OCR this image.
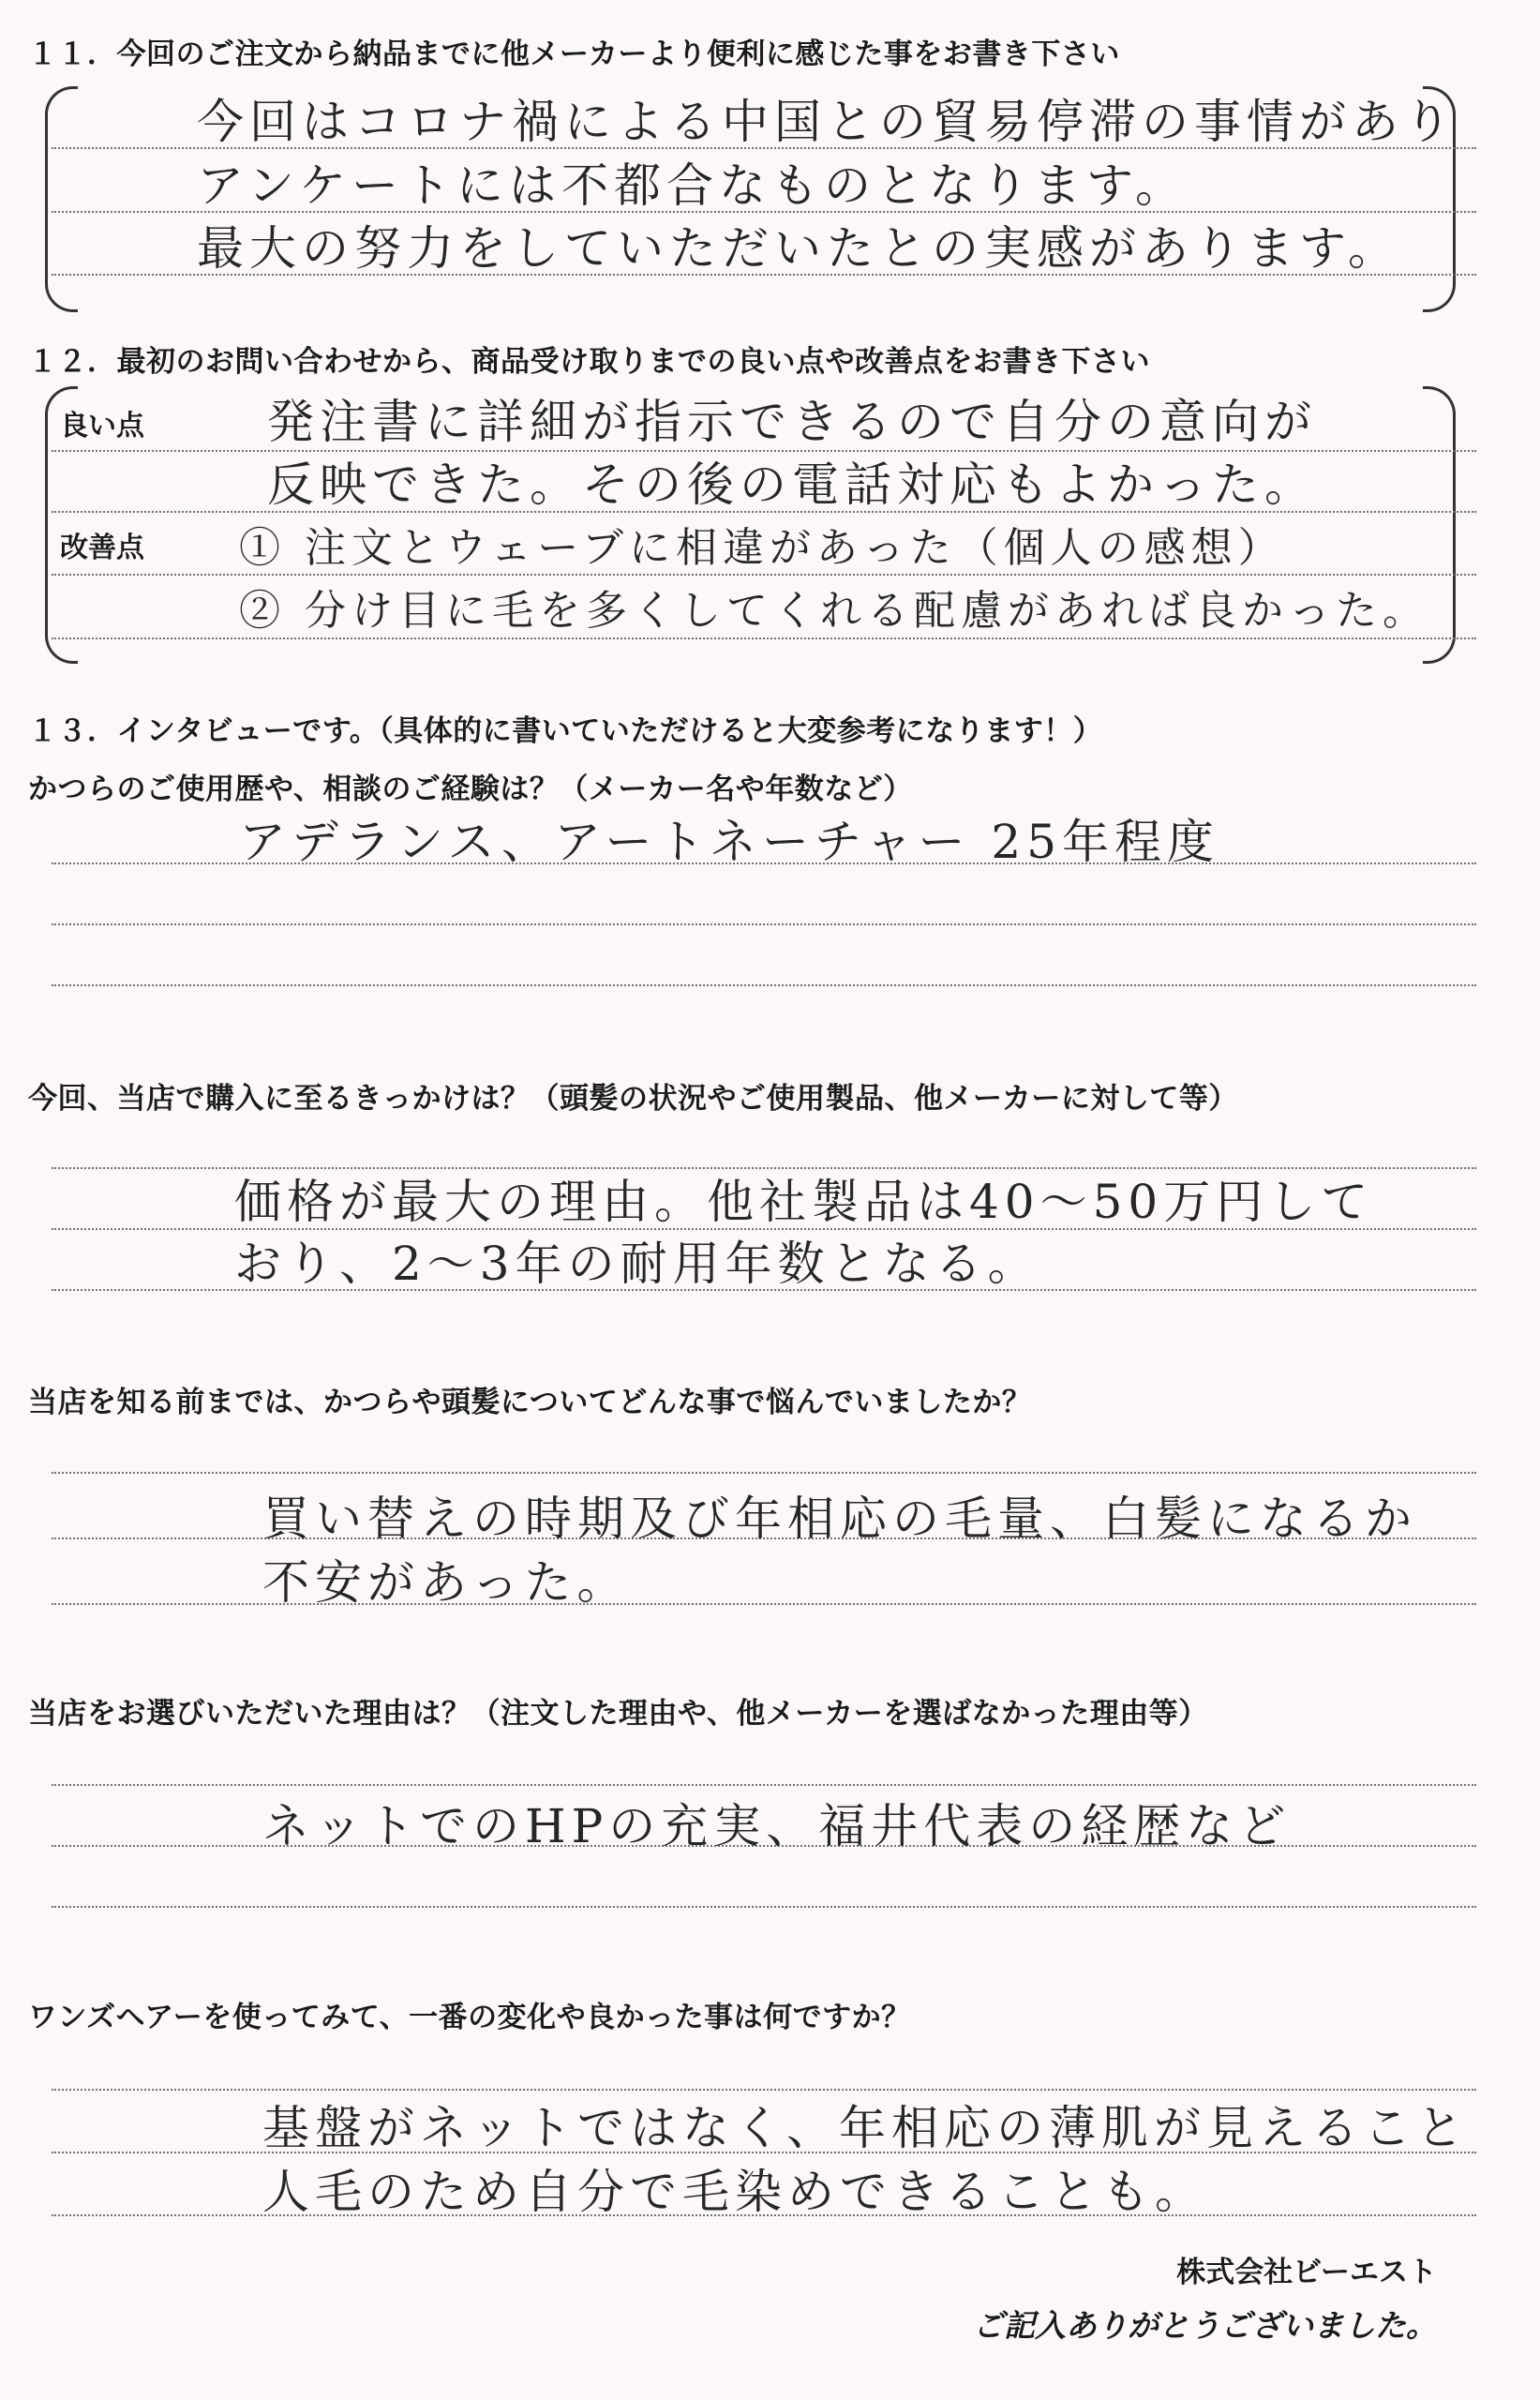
１１．今回のご注文から納品までに他メーカーより便利に感じた事をお書き下さい
今回はコロナ禍による中国との貿易停滞の事情があり
アンケートには不都合なものとなります。
最大の努力をしていただいたとの実感があります。
１２．最初のお問い合わせから、商品受け取りまでの良い点や改善点をお書き下さい
良い点
改善点
発注書に詳細が指示できるので自分の意向が
反映できた。その後の電話対応もよかった。
① 注文とウェーブに相違があった（個人の感想）
② 分け目に毛を多くしてくれる配慮があれば良かった。
１３．インタビューです。（具体的に書いていただけると大変参考になります！）
かつらのご使用歴や、相談のご経験は？（メーカー名や年数など）
アデランス、アートネーチャー 25年程度
今回、当店で購入に至るきっかけは？（頭髪の状況やご使用製品、他メーカーに対して等）
価格が最大の理由。他社製品は40～50万円して
おり、2～3年の耐用年数となる。
当店を知る前までは、かつらや頭髪についてどんな事で悩んでいましたか？
買い替えの時期及び年相応の毛量、白髪になるか
不安があった。
当店をお選びいただいた理由は？（注文した理由や、他メーカーを選ばなかった理由等）
ネットでのHPの充実、福井代表の経歴など
ワンズヘアーを使ってみて、一番の変化や良かった事は何ですか？
基盤がネットではなく、年相応の薄肌が見えること
人毛のため自分で毛染めできることも。
株式会社ビーエスト
ご記入ありがとうございました。
